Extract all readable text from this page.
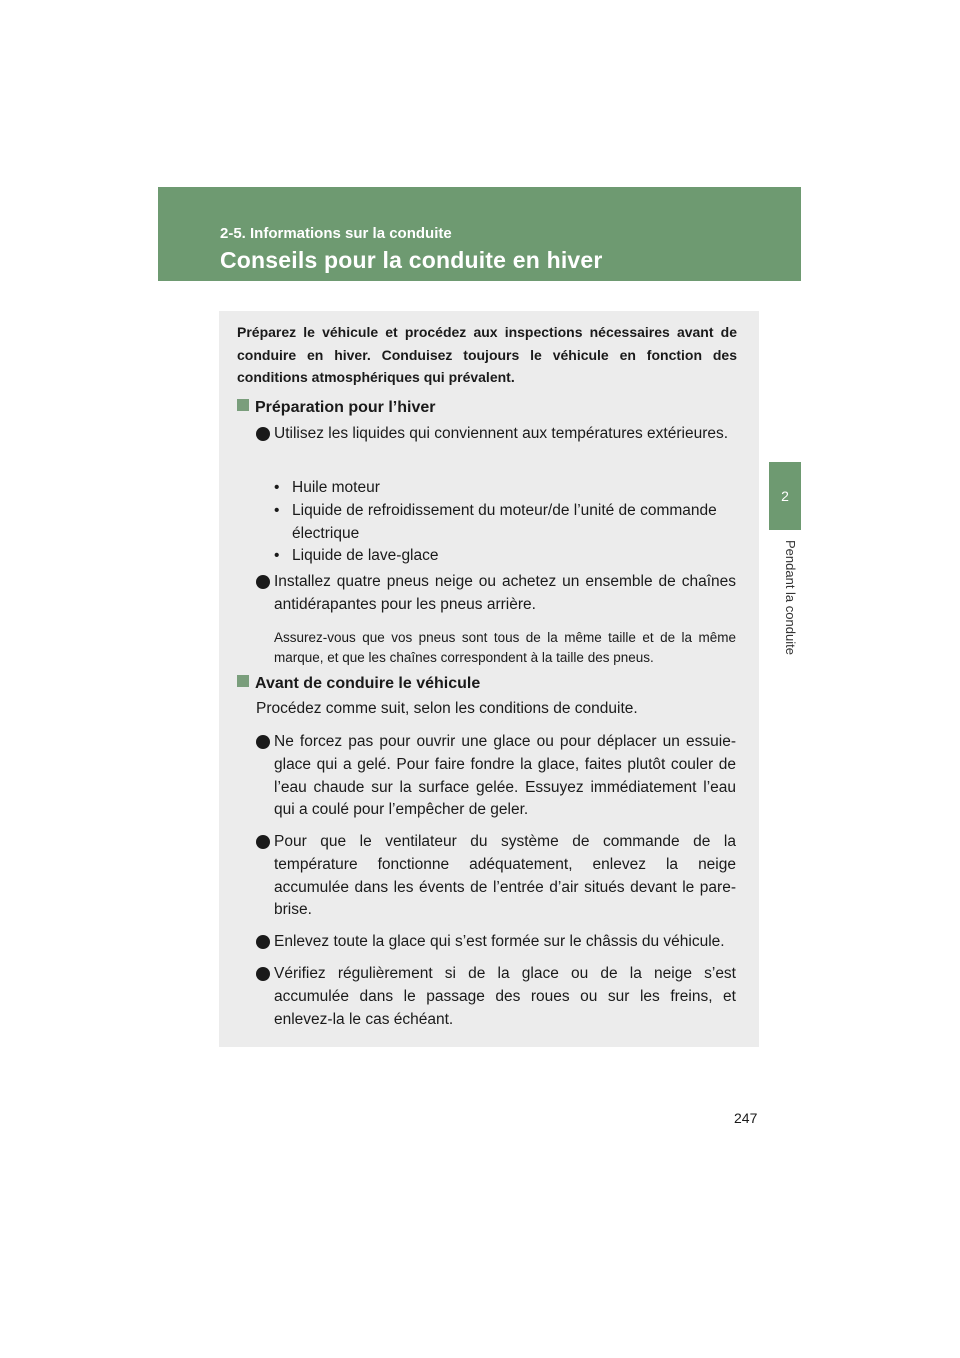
2-5. Informations sur la conduite
Conseils pour la conduite en hiver
2
Pendant la conduite
Préparez le véhicule et procédez aux inspections nécessaires avant de conduire en hiver. Conduisez toujours le véhicule en fonction des conditions atmosphériques qui prévalent.
Préparation pour l’hiver
Utilisez les liquides qui conviennent aux températures extérieures.
• Huile moteur
• Liquide de refroidissement du moteur/de l’unité de commande électrique
• Liquide de lave-glace
Installez quatre pneus neige ou achetez un ensemble de chaînes antidérapantes pour les pneus arrière.
Assurez-vous que vos pneus sont tous de la même taille et de la même marque, et que les chaînes correspondent à la taille des pneus.
Avant de conduire le véhicule
Procédez comme suit, selon les conditions de conduite.
Ne forcez pas pour ouvrir une glace ou pour déplacer un essuie-glace qui a gelé. Pour faire fondre la glace, faites plutôt couler de l’eau chaude sur la surface gelée. Essuyez immédiatement l’eau qui a coulé pour l’empêcher de geler.
Pour que le ventilateur du système de commande de la température fonctionne adéquatement, enlevez la neige accumulée dans les évents de l’entrée d’air situés devant le pare-brise.
Enlevez toute la glace qui s’est formée sur le châssis du véhicule.
Vérifiez régulièrement si de la glace ou de la neige s’est accumulée dans le passage des roues ou sur les freins, et enlevez-la le cas échéant.
247
